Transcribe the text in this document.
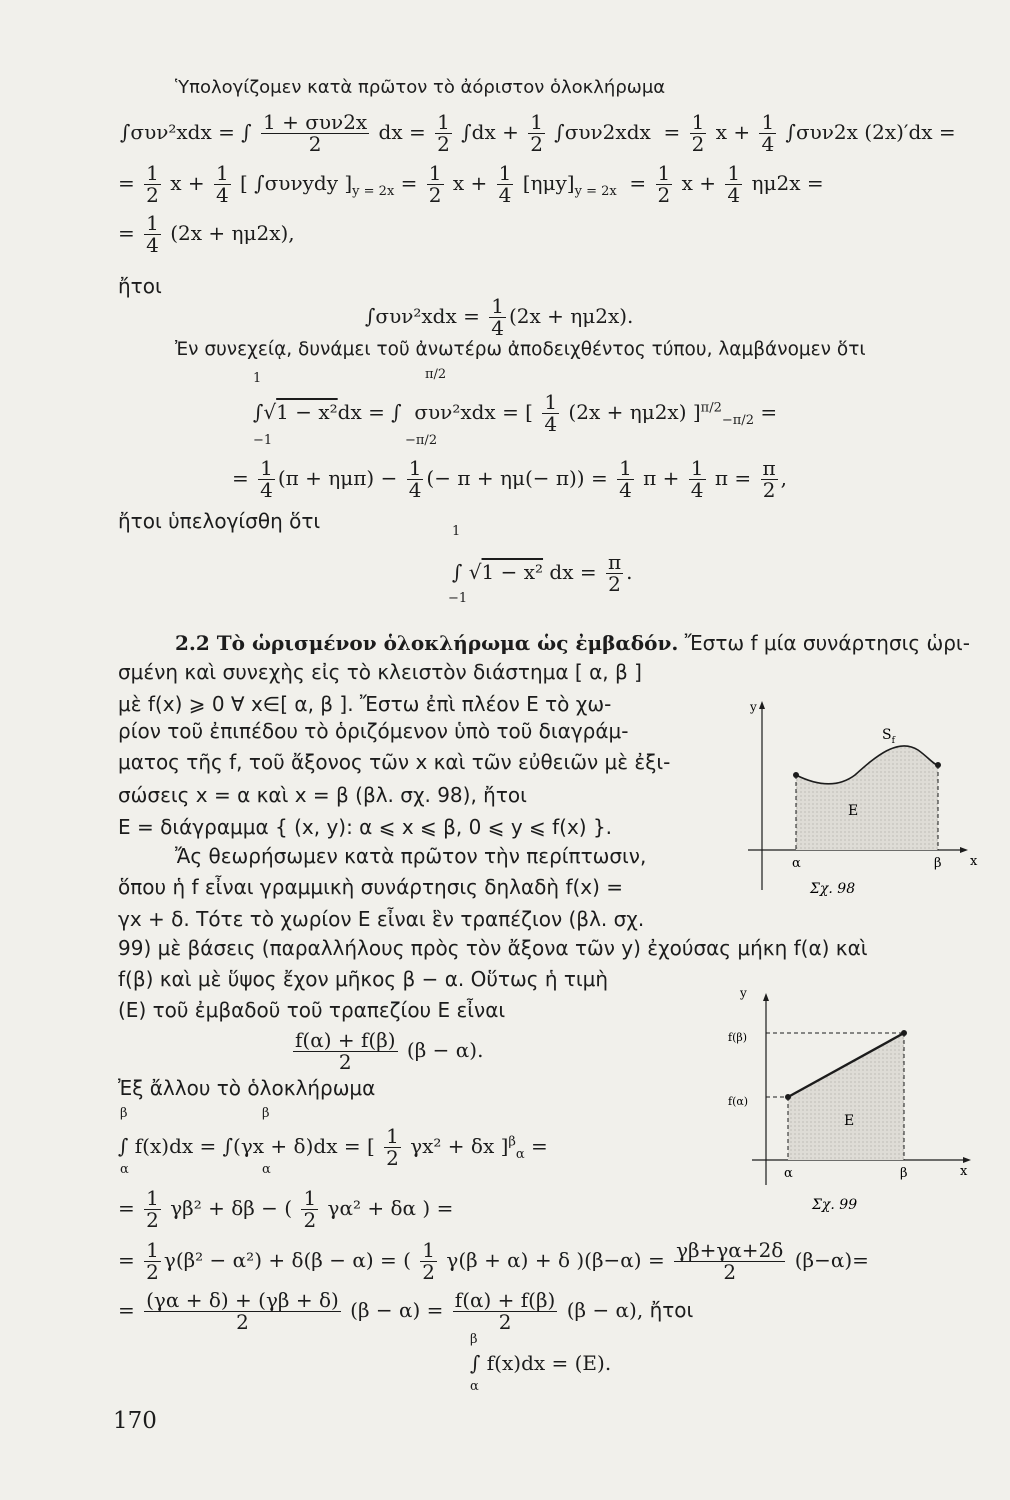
Ὑπολογίζομεν κατὰ πρῶτον τὸ ἀόριστον ὁλοκλήρωμα
∫συν²xdx = ∫ 1 + συν2x
2	dx = $\frac{1}{2} \int dx + \frac{1}{2} \int\sigma\upsilon\nu 2xdx = \frac{1}{2}$ $x + \frac{1}{4} \int\sigma\upsilon\nu 2x$ (2x)′dx =
= $\frac{1}{2}$ $x + \frac{1}{4}$ [ ∫συνydy ]$_{y = 2x} = \frac{1}{2}$ $x + \frac{1}{4} [\eta\mu y]_{y = 2x} = \frac{1}{2}$ $x + \frac{1}{4} \eta\mu 2x$ =
= $\frac{1}{4} (2x + \eta\mu 2x)$,
ἤτοι
$\int\sigma\upsilon\nu^2xdx = \frac{1}{4} (2x + \eta\mu 2x)$.
Ἐν συνεχείᾳ, δυνάμει τοῦ ἀνωτέρω ἀποδειχθέντος τύπου, λαμβάνομεν ὅτι
1	π/2
∫√1 − x²dx = ∫  συν²xdx = [ $\frac{1}{4} (2x + \eta\mu 2x) ]^{\pi/2}_{-\pi/2}$ =
−1	−π/2
= $\frac{1}{4} (\pi + \eta\mu\pi) - \frac{1}{4}$ (− $\pi + \eta\mu(- \pi)) = \frac{1}{4}$ $\pi + \frac{1}{4}$ $\pi = \frac{\pi}{2}$ ,
ἤτοι ὑπελογίσθη ὅτι	1
∫ √1 − x² dx = $\frac{\pi}{2}$ .
−1
2.2 Τὸ ὡρισμένον ὁλοκλήρωμα ὡς ἐμβαδόν. Ἔστω f μία συνάρτησις ὡρι-
σμένη καὶ συνεχὴς εἰς τὸ κλειστὸν διάστημα [ α, β ]
μὲ f(x) ⩾ 0 ∀ x∈[ α, β ]. Ἔστω ἐπὶ πλέον Ε τὸ χω-
ρίον τοῦ ἐπιπέδου τὸ ὁριζόμενον ὑπὸ τοῦ διαγράμ-
ματος τῆς f, τοῦ ἄξονος τῶν x καὶ τῶν εὐθειῶν μὲ ἐξι-
σώσεις x = α καὶ x = β (βλ. σχ. 98), ἤτοι
Ε = διάγραμμα { (x, y): α ⩽ x ⩽ β, 0 ⩽ y ⩽ f(x) }.
Ἄς θεωρήσωμεν κατὰ πρῶτον τὴν περίπτωσιν,
ὅπου ἡ f εἶναι γραμμικὴ συνάρτησις δηλαδὴ f(x) =
γx + δ. Τότε τὸ χωρίον Ε εἶναι ἓν τραπέζιον (βλ. σχ.
99) μὲ βάσεις (παραλλήλους πρὸς τὸν ἄξονα τῶν y) ἐχούσας μήκη f(α) καὶ
f(β) καὶ μὲ ὕψος ἔχον μῆκος β − α. Οὕτως ἡ τιμὴ
(Ε) τοῦ ἐμβαδοῦ τοῦ τραπεζίου Ε εἶναι
$\frac{f(\alpha) + f(\beta)}{2} (\beta - \alpha)$.
Ἐξ ἄλλου τὸ ὁλοκλήρωμα
β	β
∫ f(x)dx = ∫(γx + δ)dx = [ $\frac{1}{2} \gamma x^2 + \delta x$ ]$^\beta_\alpha$ =
α	α
= $\frac{1}{2} \gamma\beta^2 + \delta\beta$ − ( $\frac{1}{2} \gamma\alpha^2 + \delta\alpha$ ) =
= $\frac{1}{2} \gamma(\beta^2 - \alpha^2) + \delta(\beta - \alpha)$ = ( $\frac{1}{2} \gamma(\beta + \alpha) + \delta$ )$(\beta-\alpha) = \frac{\gamma\beta+\gamma\alpha+2\delta}{2} (\beta-\alpha)=$
= $\frac{(\gamma\alpha + \delta) + (\gamma\beta + \delta)}{2} (\beta - \alpha) = \frac{f(\alpha) + f(\beta)}{2} (\beta - \alpha)$, ἤτοι
β
∫ f(x)dx = (Ε).
α
170
y
x
$S_f$
E
α	β
Σχ. 98
y
x
f(β)
f(α)
E
α	β
Σχ. 99
